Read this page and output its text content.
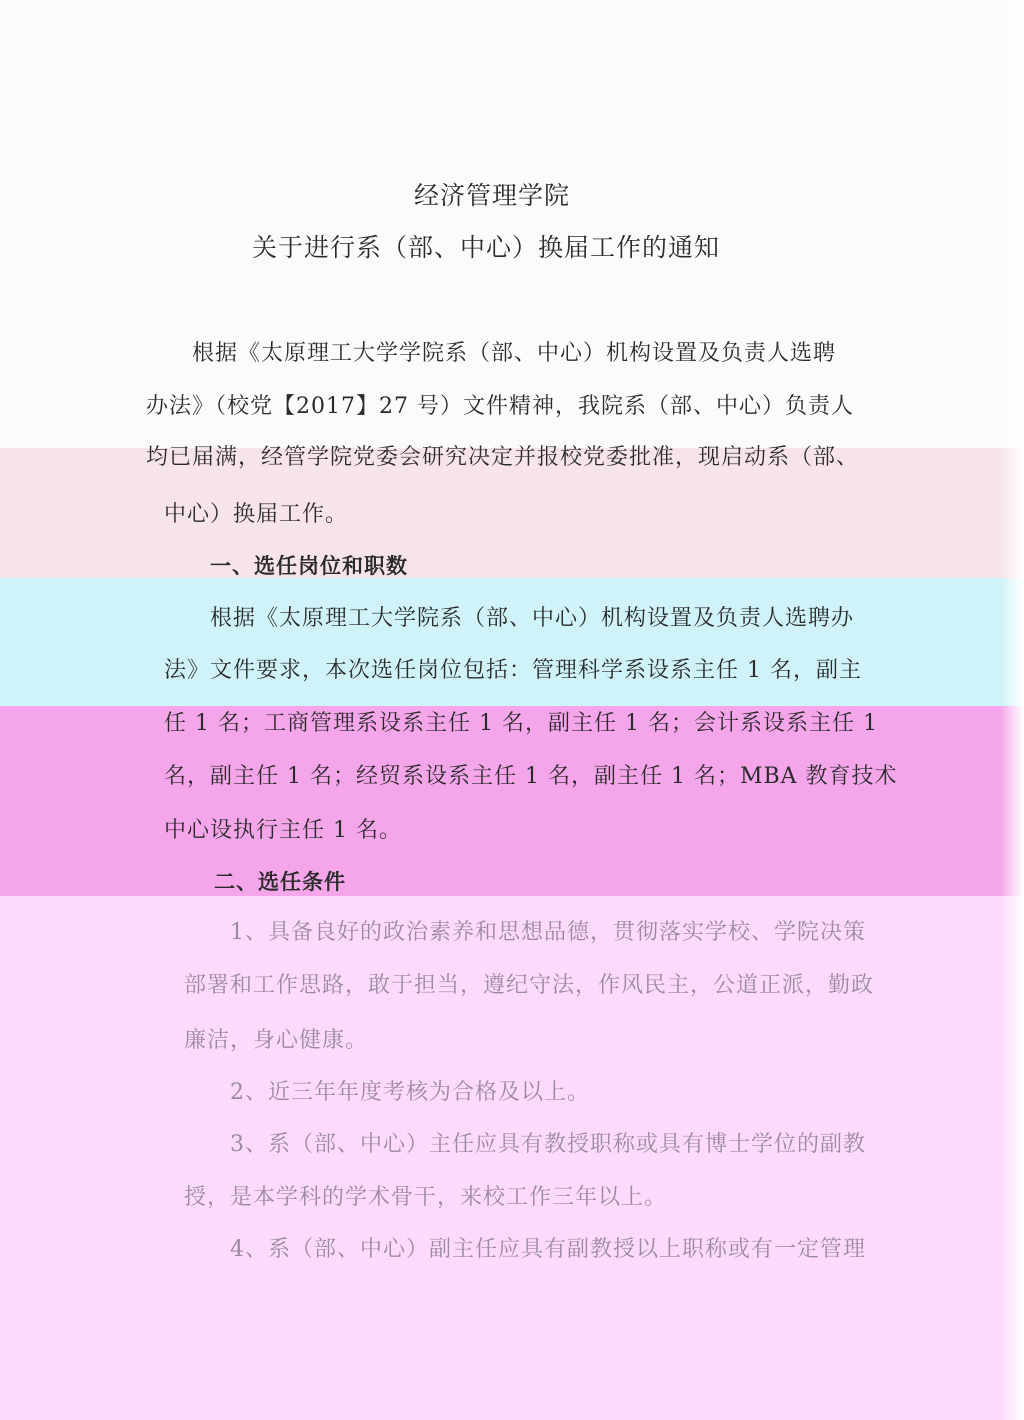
经济管理学院
关于进行系（部、中心）换届工作的通知
根据《太原理工大学学院系（部、中心）机构设置及负责人选聘
办法》（校党【2017】27 号）文件精神，我院系（部、中心）负责人
均已届满，经管学院党委会研究决定并报校党委批准，现启动系（部、
中心）换届工作。
一、选任岗位和职数
根据《太原理工大学院系（部、中心）机构设置及负责人选聘办
法》文件要求，本次选任岗位包括：管理科学系设系主任 1 名，副主
任 1 名；工商管理系设系主任 1 名，副主任 1 名；会计系设系主任 1
名，副主任 1 名；经贸系设系主任 1 名，副主任 1 名；MBA 教育技术
中心设执行主任 1 名。
二、选任条件
1、具备良好的政治素养和思想品德，贯彻落实学校、学院决策
部署和工作思路，敢于担当，遵纪守法，作风民主，公道正派，勤政
廉洁，身心健康。
2、近三年年度考核为合格及以上。
3、系（部、中心）主任应具有教授职称或具有博士学位的副教
授，是本学科的学术骨干，来校工作三年以上。
4、系（部、中心）副主任应具有副教授以上职称或有一定管理
